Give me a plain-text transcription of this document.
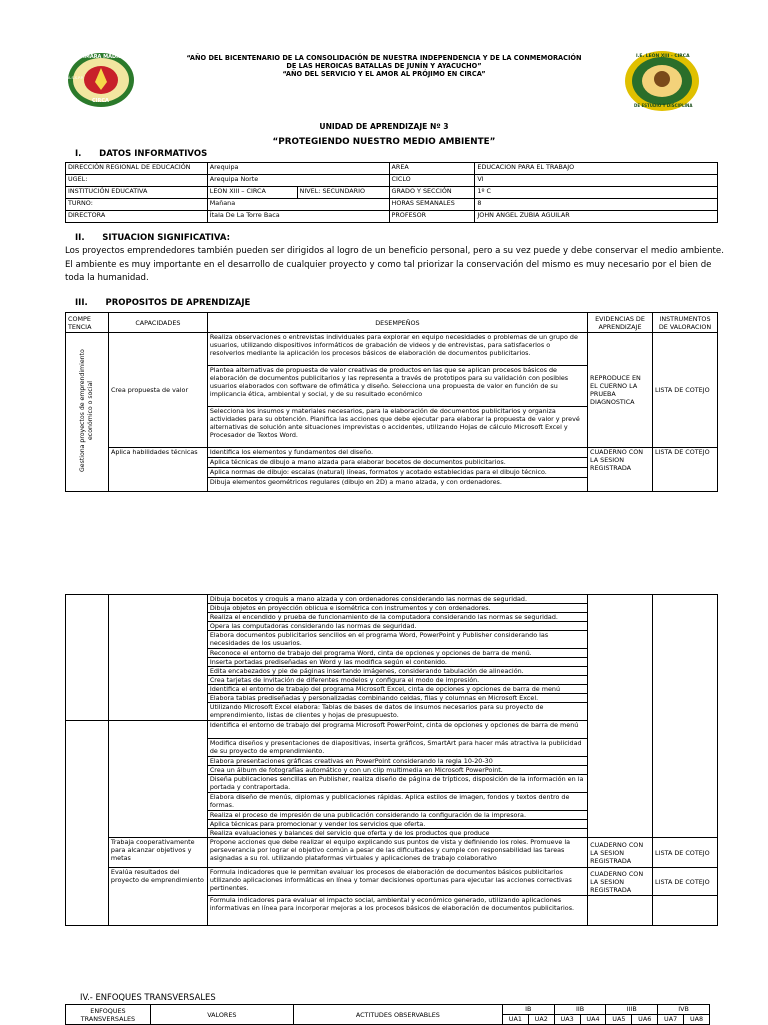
IMARA MADRE
CIRCA
A.S.S.P.P.
“AÑO DEL BICENTENARIO DE LA CONSOLIDACIÓN DE NUESTRA INDEPENDENCIA Y DE LA CONMEMORACIÓN
DE LAS HEROICAS BATALLAS DE JUNÍN Y AYACUCHO”
“AÑO DEL SERVICIO Y EL AMOR AL PRÓJIMO EN CIRCA”
I.E. LEÓN XIII - CIRCA
DE ESTUDIO Y DISCIPLINA
UNIDAD DE APRENDIZAJE Nº 3
“PROTEGIENDO NUESTRO MEDIO AMBIENTE”
I.      DATOS INFORMATIVOS
DIRECCIÓN REGIONAL DE EDUCACIÓN	Arequipa		AREA	EDUCACION PARA EL TRABAJO
UGEL:	Arequipa Norte		CICLO	VI
INSTITUCIÓN EDUCATIVA	LEON XIII – CIRCA	NIVEL: SECUNDARIO	GRADO Y SECCIÓN	1º C
TURNO:	Mañana		HORAS SEMANALES	8
DIRECTORA	Ítala De La Torre Baca		PROFESOR	JOHN ANGEL ZUBIA AGUILAR
II.      SITUACION SIGNIFICATIVA:
Los proyectos emprendedores también pueden ser dirigidos al logro de un beneficio personal, pero a su vez puede y debe conservar el medio ambiente.
El ambiente es muy importante en el desarrollo de cualquier proyecto y como tal priorizar la conservación del mismo es muy necesario por el bien de toda la humanidad.
III.      PROPOSITOS DE APRENDIZAJE
COMPE TENCIA	CAPACIDADES	DESEMPEÑOS	EVIDENCIAS DE APRENDIZAJE	INSTRUMENTOS DE VALORACION
Gestiona proyectos de emprendimiento económico o social	Crea propuesta de valor	Realiza observaciones o entrevistas individuales para explorar en equipo necesidades o problemas de un grupo de usuarios, utilizando dispositivos informáticos de grabación de videos y de entrevistas, para satisfacerlos o resolverlos mediante la aplicación los procesos básicos de elaboración de documentos publicitarios.	REPRODUCE EN EL CUERNO LA PRUEBA DIAGNOSTICA	LISTA DE COTEJO
		Plantea alternativas de propuesta de valor creativas de productos en las que se aplican procesos básicos de elaboración de documentos publicitarios y las representa a través de prototipos para su validación con posibles usuarios elaborados con software de ofimática y diseño. Selecciona una propuesta de valor en función de su implicancia ética, ambiental y social, y de su resultado económico		
		Selecciona los insumos y materiales necesarios, para la elaboración de documentos publicitarios y organiza actividades para su obtención. Planifica las acciones que debe ejecutar para elaborar la propuesta de valor y prevé alternativas de solución ante situaciones imprevistas o accidentes, utilizando Hojas de cálculo Microsoft Excel y Procesador de Textos Word.		
	Aplica habilidades técnicas	Identifica los elementos y fundamentos del diseño.	CUADERNO CON LA SESION REGISTRADA	LISTA DE COTEJO
		Aplica técnicas de dibujo a mano alzada para elaborar bocetos de documentos publicitarios.		
		Aplica normas de dibujo: escalas (natural) líneas, formatos y acotado establecidas para el dibujo técnico.		
		Dibuja elementos geométricos regulares (dibujo en 2D) a mano alzada, y con ordenadores.		
		Dibuja bocetos y croquis a mano alzada y con ordenadores considerando las normas de seguridad.		
		Dibuja objetos en proyección oblicua e isométrica con instrumentos y con ordenadores.		
		Realiza el encendido y prueba de funcionamiento de la computadora considerando las normas se seguridad.		
		Opera las computadoras considerando las normas de seguridad.		
		Elabora documentos publicitarios sencillos en el programa Word, PowerPoint y Publisher considerando las necesidades de los usuarios.		
		Reconoce el entorno de trabajo del programa Word, cinta de opciones y opciones de barra de menú.		
		Inserta portadas prediseñadas en Word y las modifica según el contenido.		
		Edita encabezados y pie de páginas insertando imágenes, considerando tabulación de alineación.		
		Crea tarjetas de invitación de diferentes modelos y configura el modo de impresión.		
		Identifica el entorno de trabajo del programa Microsoft Excel, cinta de opciones y opciones de barra de menú		
		Elabora tablas prediseñadas y personalizadas combinando celdas, filas y columnas en Microsoft Excel.		
		Utilizando Microsoft Excel elabora: Tablas de bases de datos de insumos necesarios para su proyecto de emprendimiento, listas de clientes y hojas de presupuesto.		
		Identifica el entorno de trabajo del programa Microsoft PowerPoint, cinta de opciones y opciones de barra de menú		
		Modifica diseños y presentaciones de diapositivas, inserta gráficos, SmartArt para hacer más atractiva la publicidad de su proyecto de emprendimiento.		
		Elabora presentaciones gráficas creativas en PowerPoint considerando la regla 10-20-30		
		Crea un álbum de fotografías automático y con un clip multimedia en Microsoft PowerPoint.		
		Diseña publicaciones sencillas en Publisher, realiza diseño de página de trípticos, disposición de la información en la portada y contraportada.		
		Elabora diseño de menús, diplomas y publicaciones rápidas. Aplica estilos de imagen, fondos y textos dentro de formas.		
		Realiza el proceso de impresión de una publicación considerando la configuración de la impresora.		
		Aplica técnicas para promocionar y vender los servicios que oferta.		
		Realiza evaluaciones y balances del servicio que oferta y de los productos que produce		
	Trabaja cooperativamente para alcanzar objetivos y metas	Propone acciones que debe realizar el equipo explicando sus puntos de vista y definiendo los roles. Promueve la perseverancia por lograr el objetivo común a pesar de las dificultades y cumple con responsabilidad las tareas asignadas a su rol. utilizando plataformas virtuales y aplicaciones de trabajo colaborativo	CUADERNO CON LA SESION REGISTRADA	LISTA DE COTEJO
	Evalúa resultados del proyecto de emprendimiento	Formula indicadores que le permitan evaluar los procesos de elaboración de documentos básicos publicitarios utilizando aplicaciones informáticas en línea y tomar decisiones oportunas para ejecutar las acciones correctivas pertinentes.	CUADERNO CON LA SESION REGISTRADA	LISTA DE COTEJO
		Formula indicadores para evaluar el impacto social, ambiental y económico generado, utilizando aplicaciones informativas en línea para incorporar mejoras a los procesos básicos de elaboración de documentos publicitarios.		
IV.- ENFOQUES TRANSVERSALES
ENFOQUES TRANSVERSALES	VALORES	ACTITUDES OBSERVABLES	IB		IIB		IIIB		IVB	
			UA1	UA2	UA3	UA4	UA5	UA6	UA7	UA8
